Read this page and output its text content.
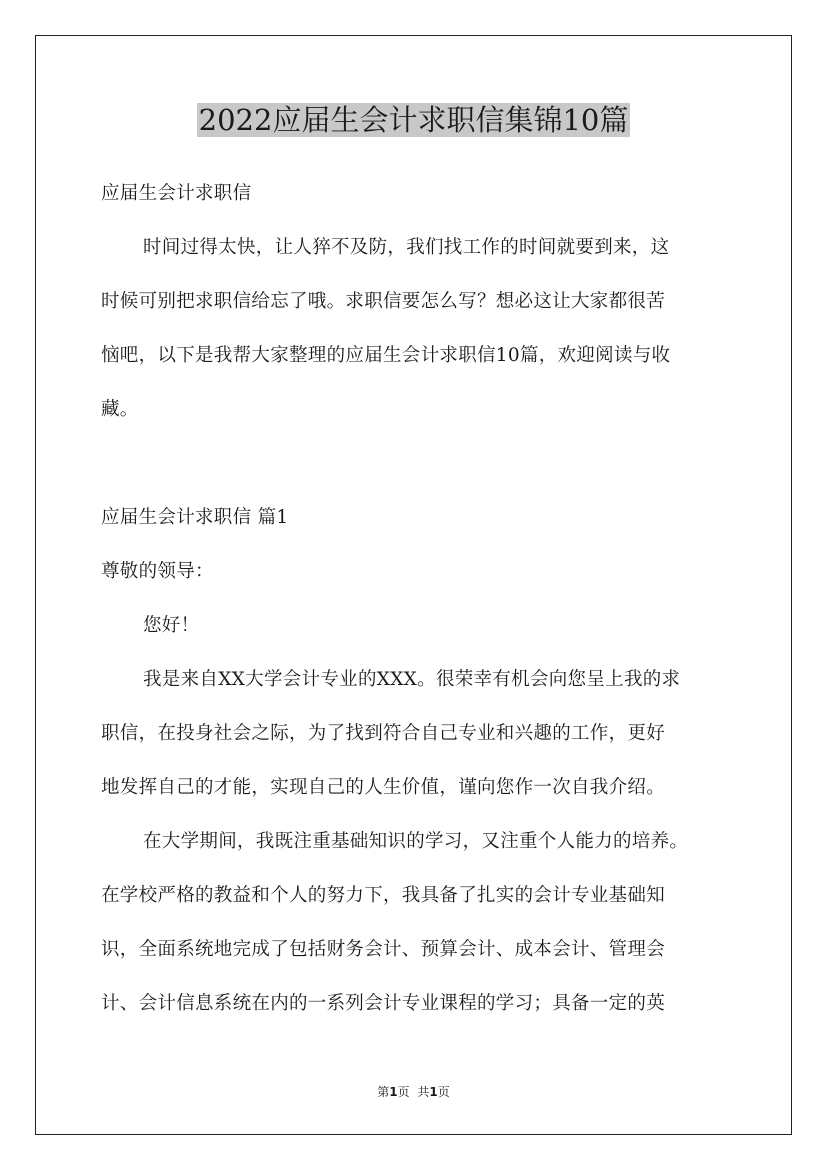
2022应届生会计求职信集锦10篇
应届生会计求职信
时间过得太快，让人猝不及防，我们找工作的时间就要到来，这
时候可别把求职信给忘了哦。求职信要怎么写？想必这让大家都很苦
恼吧，以下是我帮大家整理的应届生会计求职信10篇，欢迎阅读与收
藏。
应届生会计求职信 篇1
尊敬的领导：
您好！
我是来自XX大学会计专业的XXX。很荣幸有机会向您呈上我的求
职信，在投身社会之际，为了找到符合自己专业和兴趣的工作，更好
地发挥自己的才能，实现自己的人生价值，谨向您作一次自我介绍。
在大学期间，我既注重基础知识的学习，又注重个人能力的培养。
在学校严格的教益和个人的努力下，我具备了扎实的会计专业基础知
识，全面系统地完成了包括财务会计、预算会计、成本会计、管理会
计、会计信息系统在内的一系列会计专业课程的学习；具备一定的英
第1页 共1页
